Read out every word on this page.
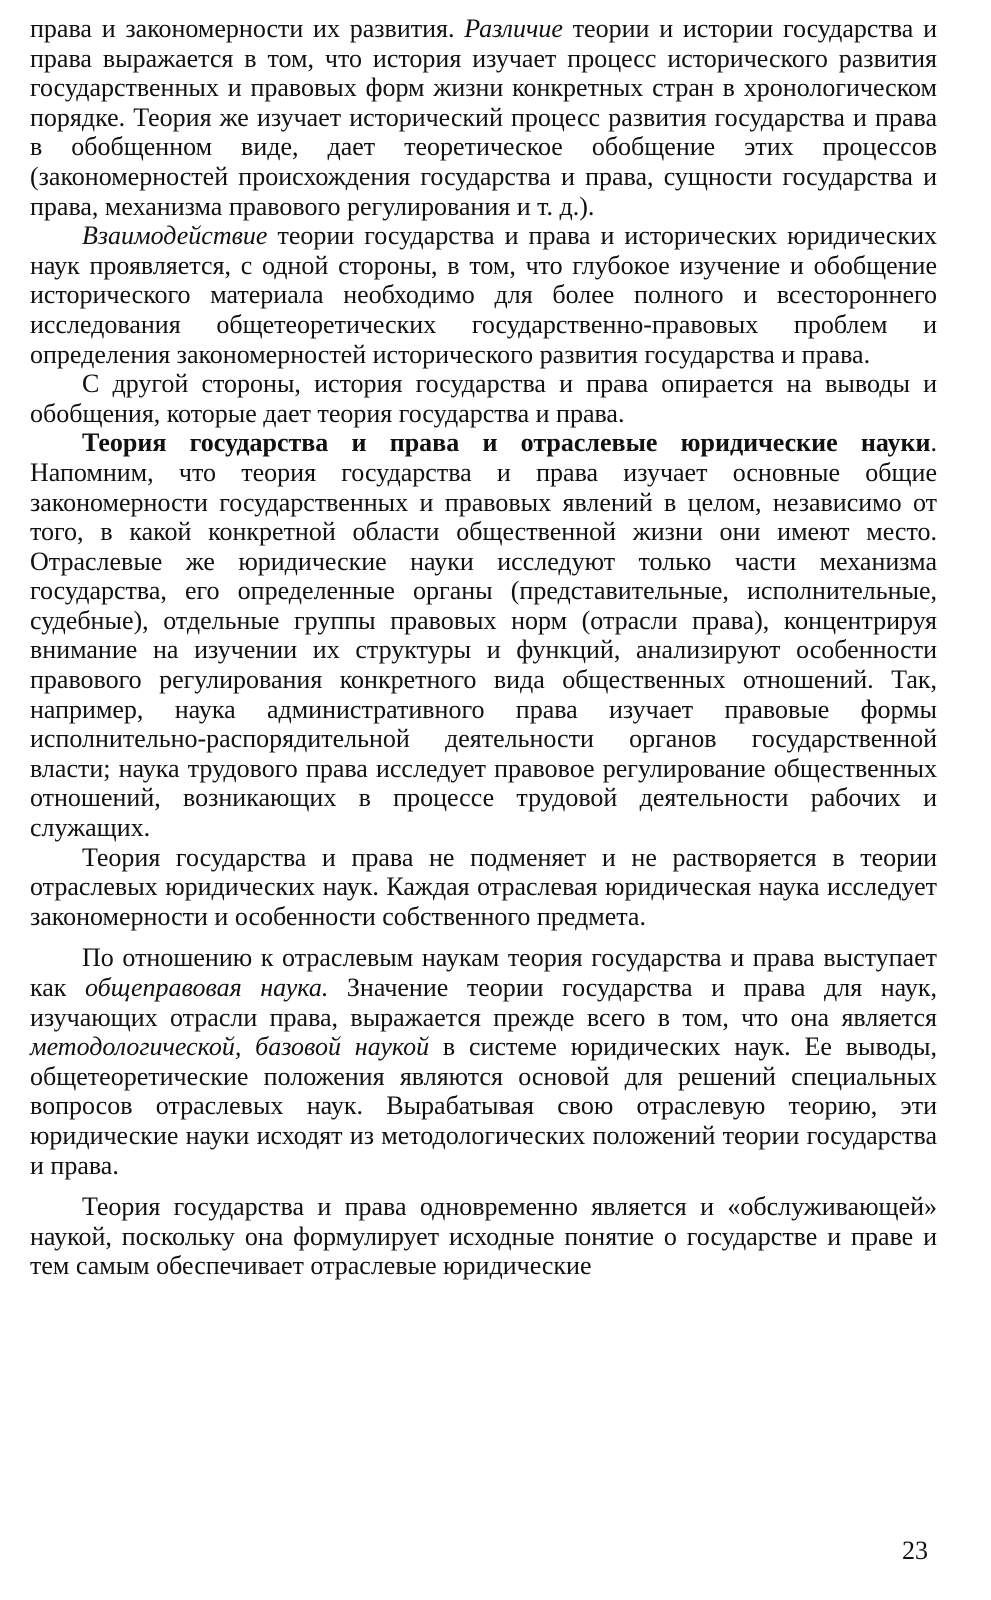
права и закономерности их развития. Различие теории и истории государства и права выражается в том, что история изучает процесс исторического развития государственных и правовых форм жизни конкретных стран в хронологическом порядке. Теория же изучает исторический процесс развития государства и права в обобщенном виде, дает теоретическое обобщение этих процессов (закономерностей происхождения государства и права, сущности государства и права, механизма правового регулирования и т. д.).

Взаимодействие теории государства и права и исторических юридических наук проявляется, с одной стороны, в том, что глубокое изучение и обобщение исторического материала необходимо для более полного и всестороннего исследования общетеоретических государственно-правовых проблем и определения закономерностей исторического развития государства и права.

С другой стороны, история государства и права опирается на выводы и обобщения, которые дает теория государства и права.

Теория государства и права и отраслевые юридические науки. Напомним, что теория государства и права изучает основные общие закономерности государственных и правовых явлений в целом, независимо от того, в какой конкретной области общественной жизни они имеют место. Отраслевые же юридические науки исследуют только части механизма государства, его определенные органы (представительные, исполнительные, судебные), отдельные группы правовых норм (отрасли права), концентрируя внимание на изучении их структуры и функций, анализируют особенности правового регулирования конкретного вида общественных отношений. Так, например, наука административного права изучает правовые формы исполнительно-распорядительной деятельности органов государственной власти; наука трудового права исследует правовое регулирование общественных отношений, возникающих в процессе трудовой деятельности рабочих и служащих.

Теория государства и права не подменяет и не растворяется в теории отраслевых юридических наук. Каждая отраслевая юридическая наука исследует закономерности и особенности собственного предмета.

По отношению к отраслевым наукам теория государства и права выступает как общеправовая наука. Значение теории государства и права для наук, изучающих отрасли права, выражается прежде всего в том, что она является методологической, базовой наукой в системе юридических наук. Ее выводы, общетеоретические положения являются основой для решений специальных вопросов отраслевых наук. Вырабатывая свою отраслевую теорию, эти юридические науки исходят из методологических положений теории государства и права.

Теория государства и права одновременно является и «обслуживающей» наукой, поскольку она формулирует исходные понятие о государстве и праве и тем самым обеспечивает отраслевые юридические

23
